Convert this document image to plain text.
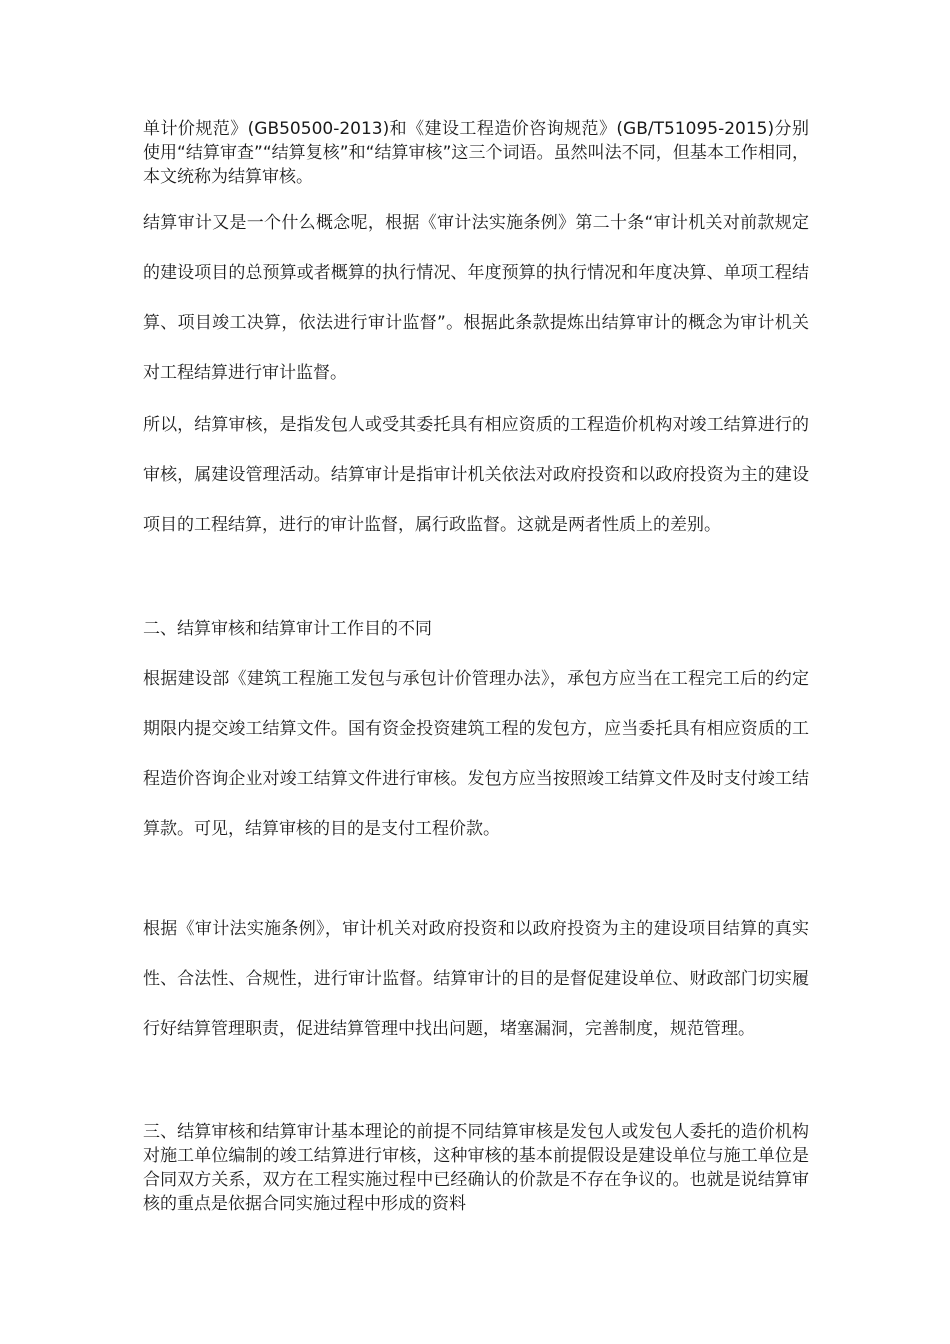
单计价规范》(GB50500-2013)和《建设工程造价咨询规范》(GB/T51095-2015)分别使用“结算审查”“结算复核”和“结算审核”这三个词语。虽然叫法不同，但基本工作相同，本文统称为结算审核。

结算审计又是一个什么概念呢，根据《审计法实施条例》第二十条“审计机关对前款规定的建设项目的总预算或者概算的执行情况、年度预算的执行情况和年度决算、单项工程结算、项目竣工决算，依法进行审计监督”。根据此条款提炼出结算审计的概念为审计机关对工程结算进行审计监督。

所以，结算审核，是指发包人或受其委托具有相应资质的工程造价机构对竣工结算进行的审核，属建设管理活动。结算审计是指审计机关依法对政府投资和以政府投资为主的建设项目的工程结算，进行的审计监督，属行政监督。这就是两者性质上的差别。

二、结算审核和结算审计工作目的不同

根据建设部《建筑工程施工发包与承包计价管理办法》，承包方应当在工程完工后的约定期限内提交竣工结算文件。国有资金投资建筑工程的发包方，应当委托具有相应资质的工程造价咨询企业对竣工结算文件进行审核。发包方应当按照竣工结算文件及时支付竣工结算款。可见，结算审核的目的是支付工程价款。

根据《审计法实施条例》，审计机关对政府投资和以政府投资为主的建设项目结算的真实性、合法性、合规性，进行审计监督。结算审计的目的是督促建设单位、财政部门切实履行好结算管理职责，促进结算管理中找出问题，堵塞漏洞，完善制度，规范管理。

三、结算审核和结算审计基本理论的前提不同结算审核是发包人或发包人委托的造价机构对施工单位编制的竣工结算进行审核，这种审核的基本前提假设是建设单位与施工单位是合同双方关系，双方在工程实施过程中已经确认的价款是不存在争议的。也就是说结算审核的重点是依据合同实施过程中形成的资料
